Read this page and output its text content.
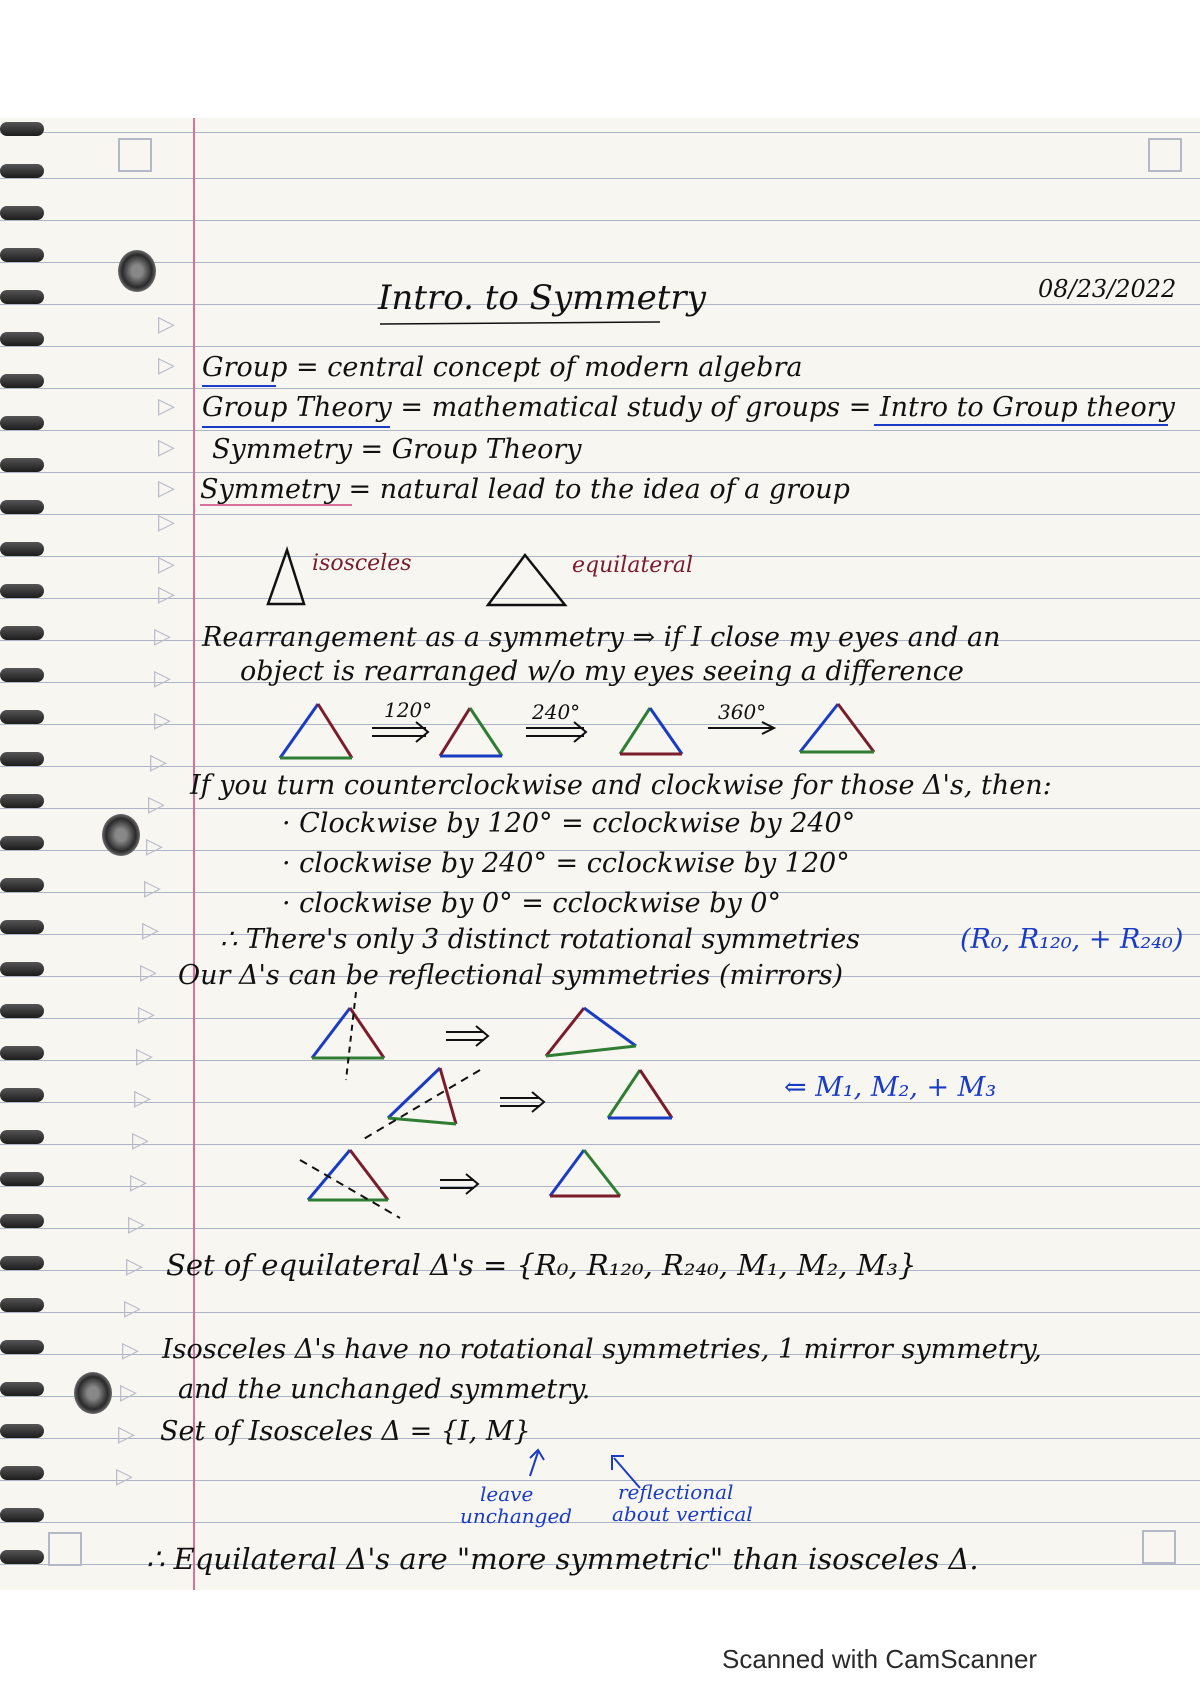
▷
▷
▷
▷
▷
▷
▷
▷
▷
▷
▷
▷
▷
▷
▷
▷
▷
▷
▷
▷
▷
▷
▷
▷
▷
▷
▷
▷
▷
Intro. to Symmetry	08/23/2022
Group = central concept of modern algebra
Group Theory = mathematical study of groups = Intro to Group theory
Symmetry = Group Theory
Symmetry = natural lead to the idea of a group
isosceles	equilateral
Rearrangement as a symmetry ⇒ if I close my eyes and an
object is rearranged w/o my eyes seeing a difference
120°	240°	360°
If you turn counterclockwise and clockwise for those Δ's, then:
· Clockwise by 120° = cclockwise by 240°
· clockwise by 240° = cclockwise by 120°
· clockwise by 0° = cclockwise by 0°
∴ There's only 3 distinct rotational symmetries	(R₀, R₁₂₀, + R₂₄₀)
Our Δ's can be reflectional symmetries (mirrors)
⇐ M₁, M₂, + M₃
Set of equilateral Δ's = {R₀, R₁₂₀, R₂₄₀, M₁, M₂, M₃}
Isosceles Δ's have no rotational symmetries, 1 mirror symmetry,
and the unchanged symmetry.
Set of Isosceles Δ = {I, M}
leave
unchanged
reflectional
about vertical
∴ Equilateral Δ's are "more symmetric" than isosceles Δ.
Scanned with CamScanner
